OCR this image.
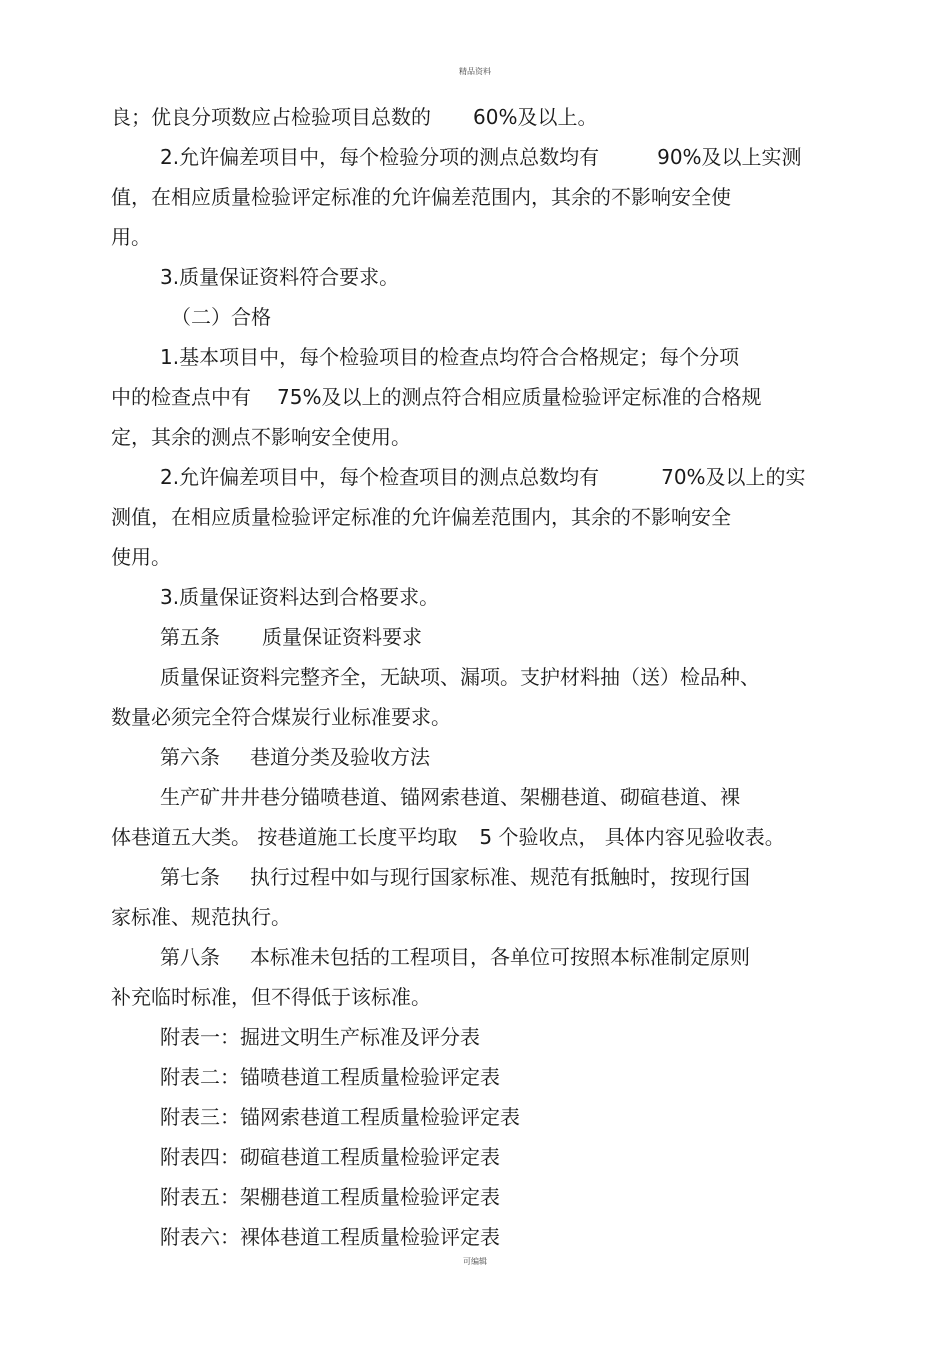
精品资料
良；优良分项数应占检验项目总数的 60%及以上。
2.允许偏差项目中，每个检验分项的测点总数均有	90%及以上实测
值，在相应质量检验评定标准的允许偏差范围内，其余的不影响安全使
用。
3.质量保证资料符合要求。
（二）合格
1.基本项目中，每个检验项目的检查点均符合合格规定；每个分项
中的检查点中有 75%及以上的测点符合相应质量检验评定标准的合格规
定，其余的测点不影响安全使用。
2.允许偏差项目中，每个检查项目的测点总数均有	70%及以上的实
测值，在相应质量检验评定标准的允许偏差范围内，其余的不影响安全
使用。
3.质量保证资料达到合格要求。
第五条 质量保证资料要求
质量保证资料完整齐全，无缺项、漏项。支护材料抽（送）检品种、
数量必须完全符合煤炭行业标准要求。
第六条 巷道分类及验收方法
生产矿井井巷分锚喷巷道、锚网索巷道、架棚巷道、砌碹巷道、裸
体巷道五大类。 按巷道施工长度平均取 5 个验收点， 具体内容见验收表。
第七条 执行过程中如与现行国家标准、规范有抵触时，按现行国
家标准、规范执行。
第八条 本标准未包括的工程项目，各单位可按照本标准制定原则
补充临时标准，但不得低于该标准。
附表一：掘进文明生产标准及评分表
附表二：锚喷巷道工程质量检验评定表
附表三：锚网索巷道工程质量检验评定表
附表四：砌碹巷道工程质量检验评定表
附表五：架棚巷道工程质量检验评定表
附表六：裸体巷道工程质量检验评定表
可编辑
